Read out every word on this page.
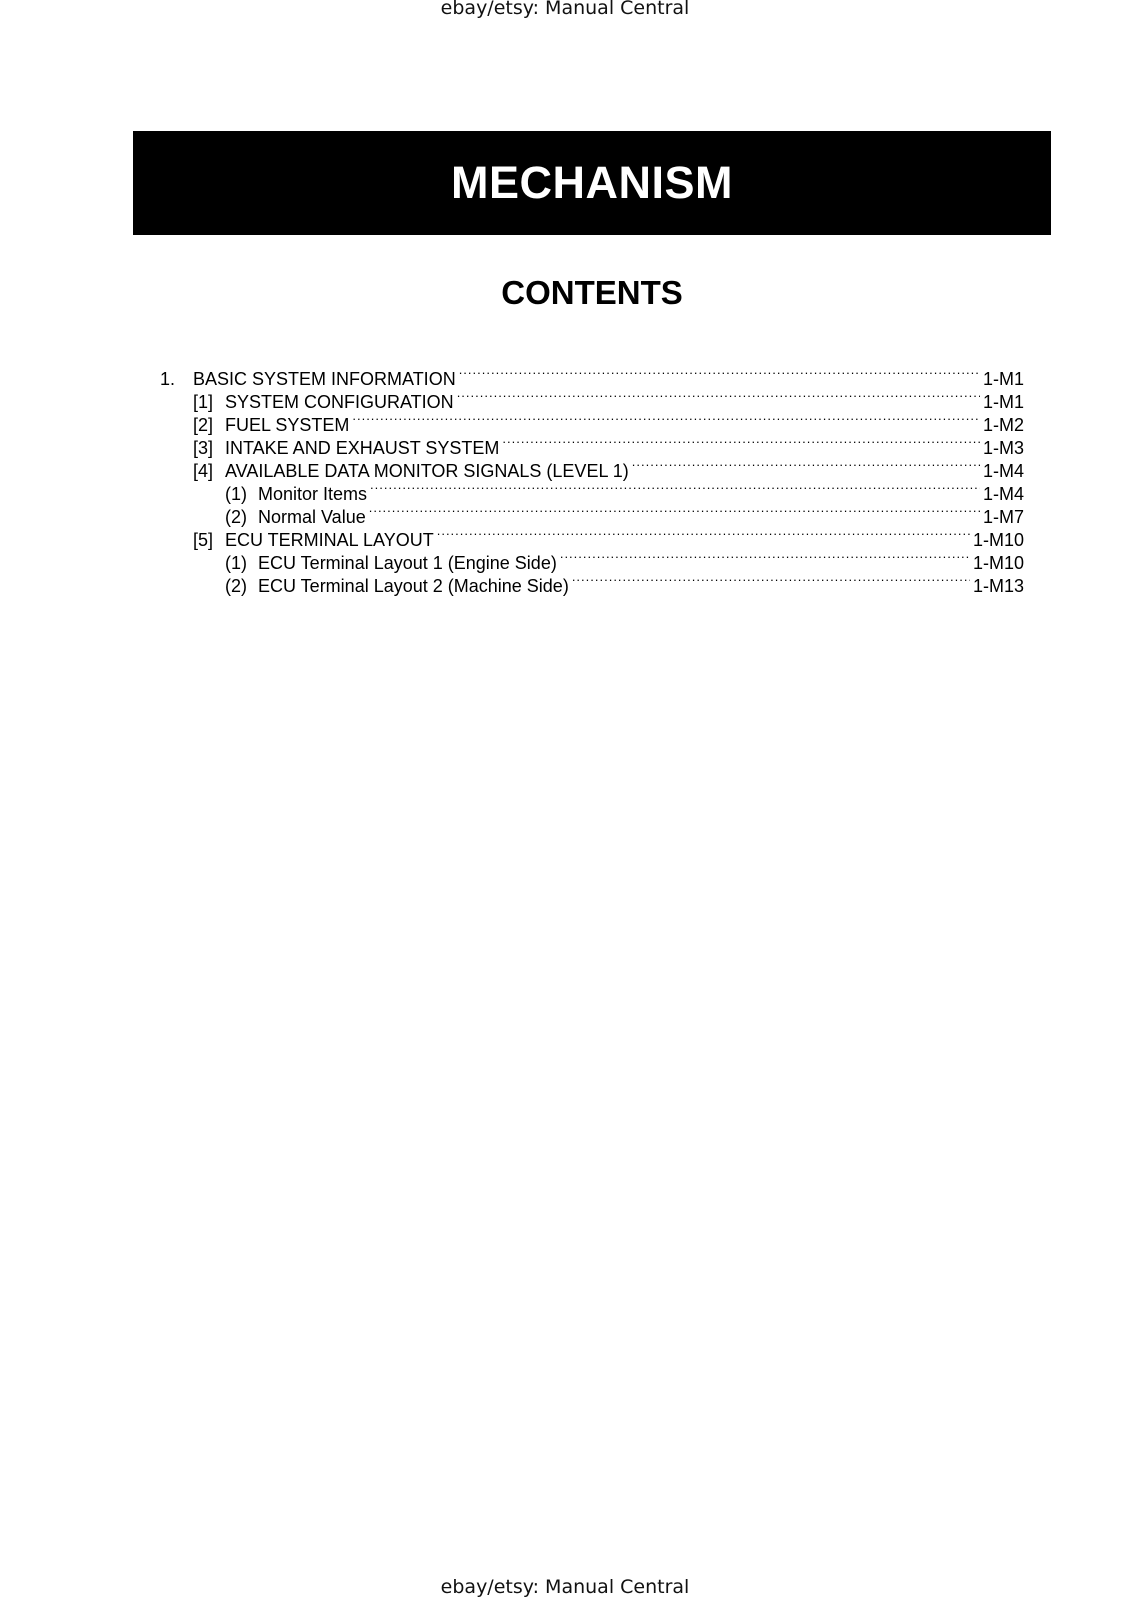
ebay/etsy: Manual Central
MECHANISM
CONTENTS
1. BASIC SYSTEM INFORMATION .....	1-M1
[1] SYSTEM CONFIGURATION .....	1-M1
[2] FUEL SYSTEM .....	1-M2
[3] INTAKE AND EXHAUST SYSTEM .....	1-M3
[4] AVAILABLE DATA MONITOR SIGNALS (LEVEL 1) .....	1-M4
(1) Monitor Items .....	1-M4
(2) Normal Value .....	1-M7
[5] ECU TERMINAL LAYOUT .....	1-M10
(1) ECU Terminal Layout 1 (Engine Side) .....	1-M10
(2) ECU Terminal Layout 2 (Machine Side) .....	1-M13
ebay/etsy: Manual Central
